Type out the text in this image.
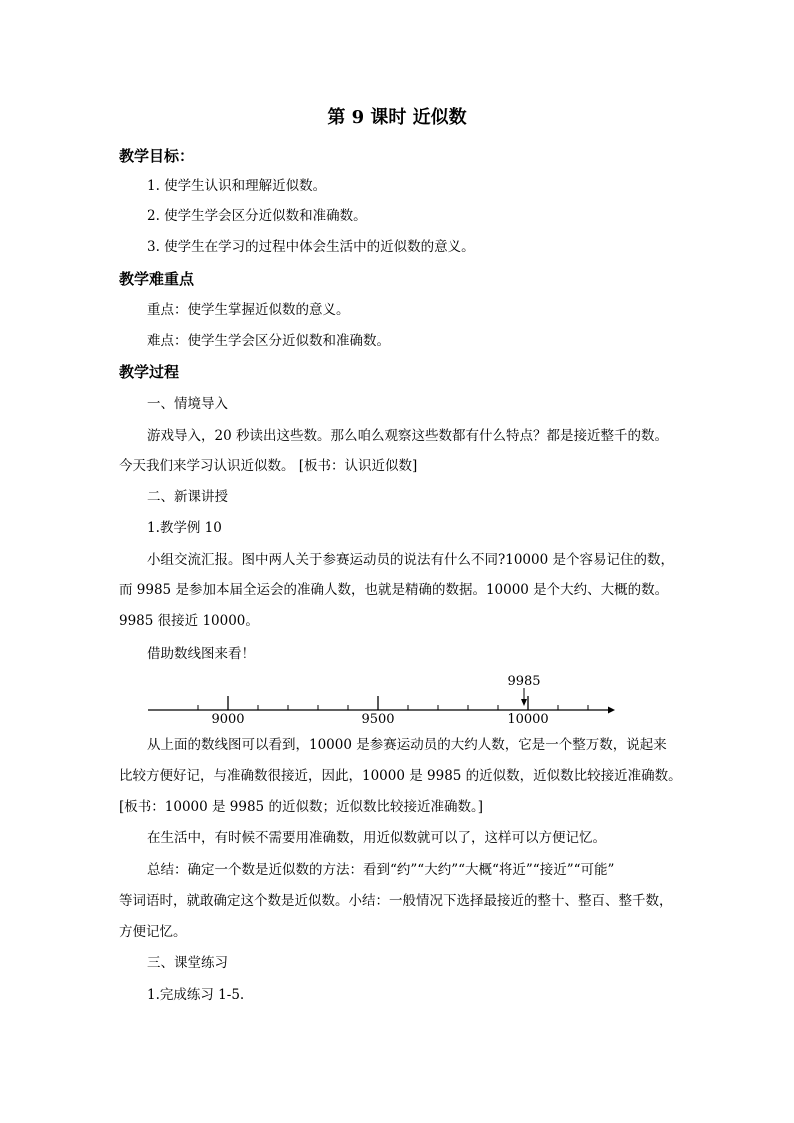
第 9 课时 近似数
教学目标：
1. 使学生认识和理解近似数。
2. 使学生学会区分近似数和准确数。
3. 使学生在学习的过程中体会生活中的近似数的意义。
教学难重点
重点：使学生掌握近似数的意义。
难点：使学生学会区分近似数和准确数。
教学过程
一、情境导入
游戏导入，20 秒读出这些数。那么咱么观察这些数都有什么特点？都是接近整千的数。
今天我们来学习认识近似数。 [板书：认识近似数]
二、新课讲授
1.教学例 10
小组交流汇报。图中两人关于参赛运动员的说法有什么不同?10000 是个容易记住的数，
而 9985 是参加本届全运会的准确人数，也就是精确的数据。10000 是个大约、大概的数。
9985 很接近 10000。
借助数线图来看！
9985
9000	9500	10000
从上面的数线图可以看到，10000 是参赛运动员的大约人数，它是一个整万数，说起来
比较方便好记，与准确数很接近，因此，10000 是 9985 的近似数，近似数比较接近准确数。
[板书：10000 是 9985 的近似数；近似数比较接近准确数。]
在生活中，有时候不需要用准确数，用近似数就可以了，这样可以方便记忆。
总结：确定一个数是近似数的方法：看到“约”“大约”“大概“将近”“接近”“可能”
等词语时，就敢确定这个数是近似数。小结：一般情况下选择最接近的整十、整百、整千数，
方便记忆。
三、课堂练习
1.完成练习 1-5.
